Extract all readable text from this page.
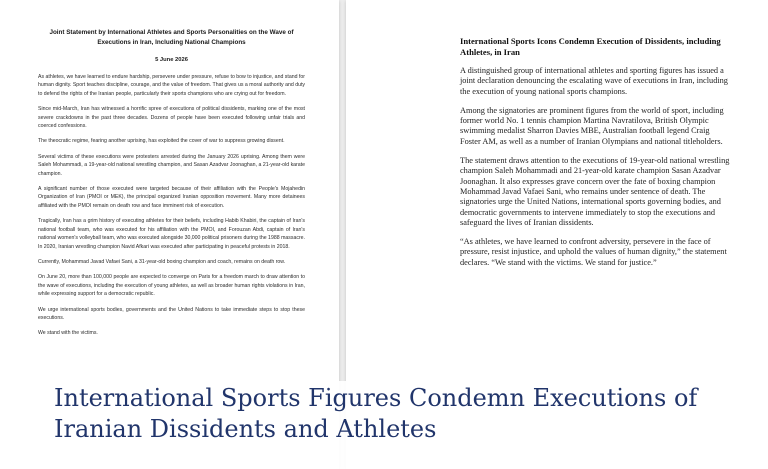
Joint Statement by International Athletes and Sports Personalities on the Wave of Executions in Iran, Including National Champions

5 June 2026

As athletes, we have learned to endure hardship, persevere under pressure, refuse to bow to injustice, and stand for human dignity. Sport teaches discipline, courage, and the value of freedom. That gives us a moral authority and duty to defend the rights of the Iranian people, particularly their sports champions who are crying out for freedom.

Since mid-March, Iran has witnessed a horrific spree of executions of political dissidents, marking one of the most severe crackdowns in the past three decades. Dozens of people have been executed following unfair trials and coerced confessions.

The theocratic regime, fearing another uprising, has exploited the cover of war to suppress growing dissent.

Several victims of these executions were protesters arrested during the January 2026 uprising. Among them were Saleh Mohammadi, a 19-year-old national wrestling champion, and Sasan Azadvar Joonaghan, a 21-year-old karate champion.

A significant number of those executed were targeted because of their affiliation with the People's Mojahedin Organization of Iran (PMOI or MEK), the principal organized Iranian opposition movement. Many more detainees affiliated with the PMOI remain on death row and face imminent risk of execution.

Tragically, Iran has a grim history of executing athletes for their beliefs, including Habib Khabiri, the captain of Iran's national football team, who was executed for his affiliation with the PMOI, and Forouzan Abdi, captain of Iran's national women's volleyball team, who was executed alongside 30,000 political prisoners during the 1988 massacre. In 2020, Iranian wrestling champion Navid Afkari was executed after participating in peaceful protests in 2018.

Currently, Mohammad Javad Vafaei Sani, a 31-year-old boxing champion and coach, remains on death row.

On June 20, more than 100,000 people are expected to converge on Paris for a freedom march to draw attention to the wave of executions, including the execution of young athletes, as well as broader human rights violations in Iran, while expressing support for a democratic republic.

We urge international sports bodies, governments and the United Nations to take immediate steps to stop these executions.

We stand with the victims.

International Sports Icons Condemn Execution of Dissidents, including Athletes, in Iran

A distinguished group of international athletes and sporting figures has issued a joint declaration denouncing the escalating wave of executions in Iran, including the execution of young national sports champions.

Among the signatories are prominent figures from the world of sport, including former world No. 1 tennis champion Martina Navratilova, British Olympic swimming medalist Sharron Davies MBE, Australian football legend Craig Foster AM, as well as a number of Iranian Olympians and national titleholders.

The statement draws attention to the executions of 19-year-old national wrestling champion Saleh Mohammadi and 21-year-old karate champion Sasan Azadvar Joonaghan. It also expresses grave concern over the fate of boxing champion Mohammad Javad Vafaei Sani, who remains under sentence of death. The signatories urge the United Nations, international sports governing bodies, and democratic governments to intervene immediately to stop the executions and safeguard the lives of Iranian dissidents.

“As athletes, we have learned to confront adversity, persevere in the face of pressure, resist injustice, and uphold the values of human dignity,” the statement declares. “We stand with the victims. We stand for justice.”

International Sports Figures Condemn Executions of Iranian Dissidents and Athletes
